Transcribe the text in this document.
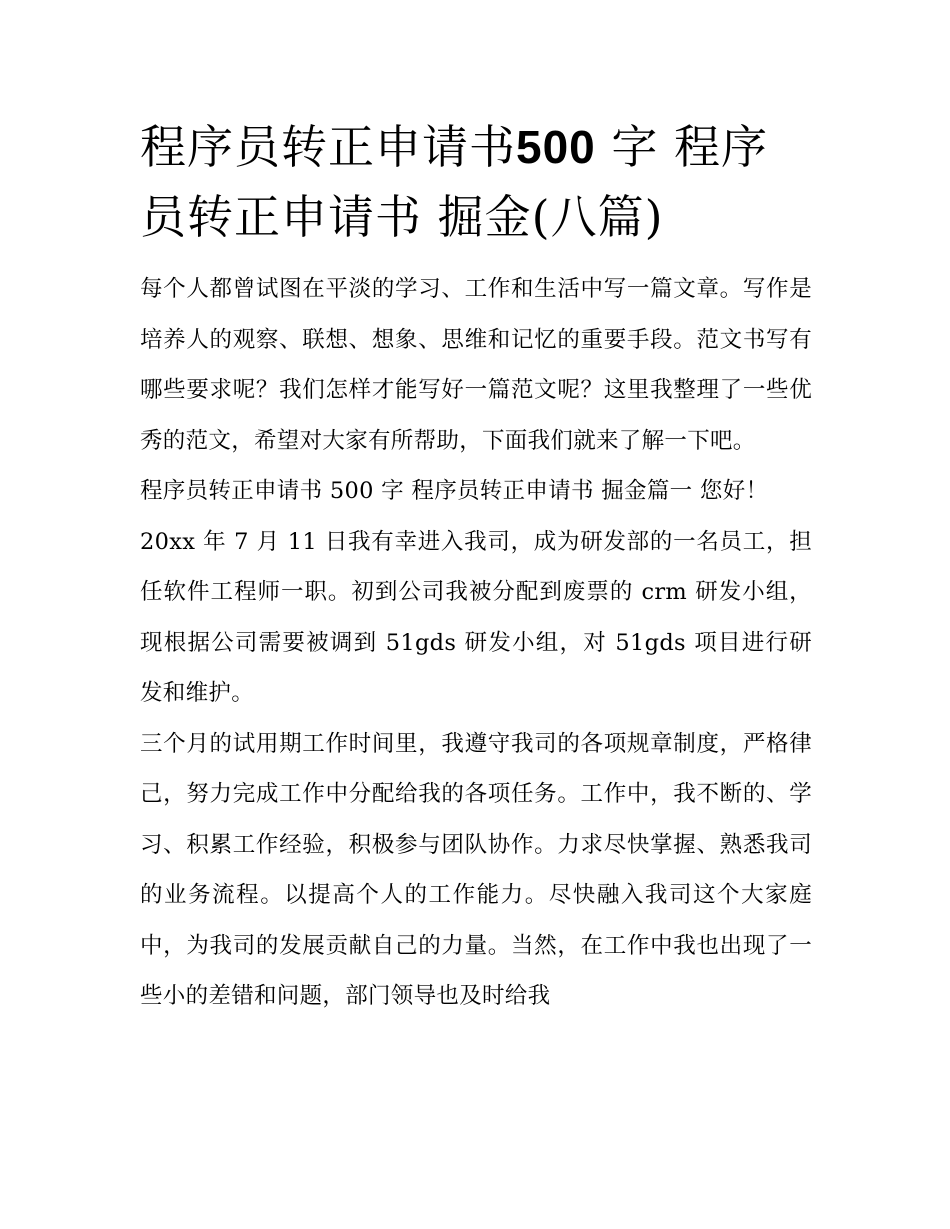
程序员转正申请书500 字 程序员转正申请书 掘金(八篇)

每个人都曾试图在平淡的学习、工作和生活中写一篇文章。写作是培养人的观察、联想、想象、思维和记忆的重要手段。范文书写有哪些要求呢？我们怎样才能写好一篇范文呢？这里我整理了一些优秀的范文，希望对大家有所帮助，下面我们就来了解一下吧。

程序员转正申请书 500 字 程序员转正申请书 掘金篇一 您好！

20xx 年 7 月 11 日我有幸进入我司，成为研发部的一名员工，担任软件工程师一职。初到公司我被分配到废票的 crm 研发小组，现根据公司需要被调到 51gds 研发小组，对 51gds 项目进行研发和维护。

三个月的试用期工作时间里，我遵守我司的各项规章制度，严格律己，努力完成工作中分配给我的各项任务。工作中，我不断的、学习、积累工作经验，积极参与团队协作。力求尽快掌握、熟悉我司的业务流程。以提高个人的工作能力。尽快融入我司这个大家庭中，为我司的发展贡献自己的力量。当然，在工作中我也出现了一些小的差错和问题，部门领导也及时给我
